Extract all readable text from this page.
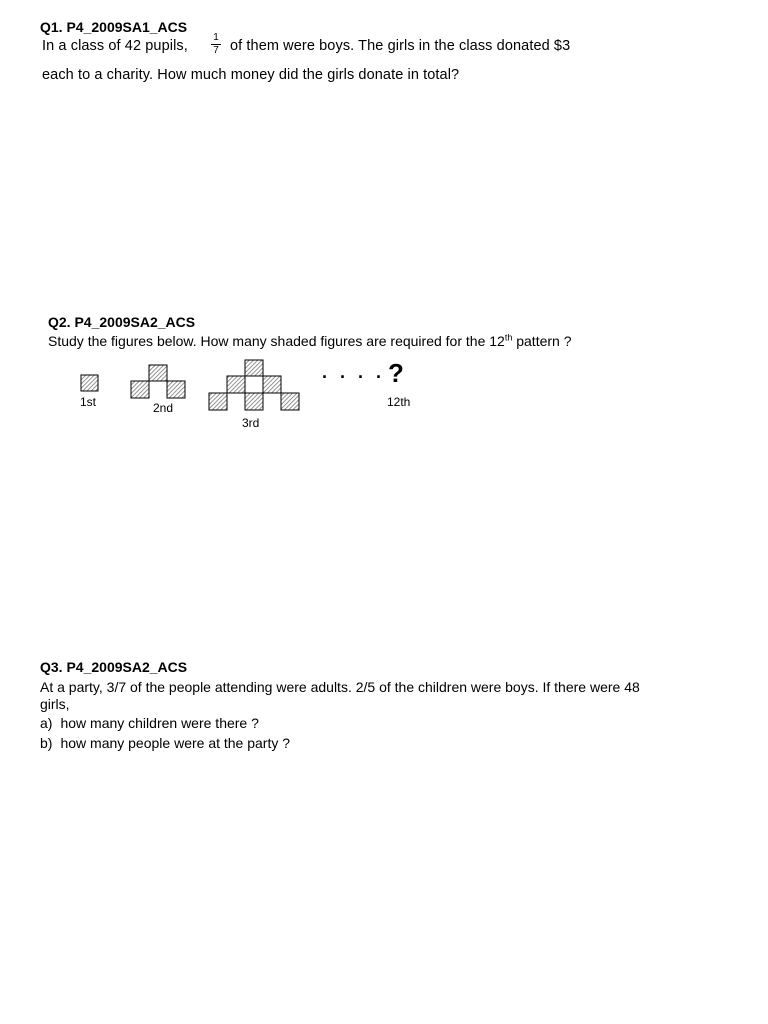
Q1. P4_2009SA1_ACS
In a class of 42 pupils,
1
7 of them were boys. The girls in the class donated $3
each to a charity. How much money did the girls donate in total?
Q2. P4_2009SA2_ACS
Study the figures below. How many shaded figures are required for the 12th pattern ?
1st	2nd
3rd
. . . . ?
12th
Q3. P4_2009SA2_ACS
At a party, 3/7 of the people attending were adults. 2/5 of the children were boys. If there were 48
girls,
a) how many children were there ?
b) how many people were at the party ?
